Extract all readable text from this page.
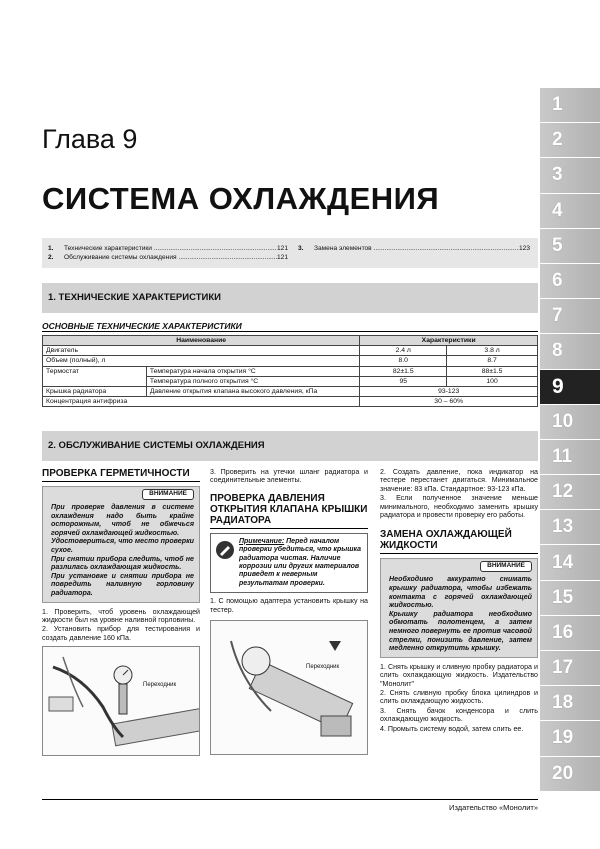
Глава 9
СИСТЕМА ОХЛАЖДЕНИЯ
1
2
3
4
5
6
7
8
9
10
11
12
13
14
15
16
17
18
19
20
1.	Технические характеристики .....	121
2.	Обслуживание системы охлаждения .....	121
3.	Замена элементов .....	123
1. ТЕХНИЧЕСКИЕ ХАРАКТЕРИСТИКИ
ОСНОВНЫЕ ТЕХНИЧЕСКИЕ ХАРАКТЕРИСТИКИ
Наименование		Характеристики	
Двигатель		2.4 л	3.8 л
Объем (полный), л		8.0	8.7
Термостат	Температура начала открытия °С	82±1.5	88±1.5
	Температура полного открытия °С	95	100
Крышка радиатора	Давление открытия клапана высокого давления, кПа	93-123	
Концентрация антифриза		30 – 60%	
2. ОБСЛУЖИВАНИЕ СИСТЕМЫ ОХЛАЖДЕНИЯ
ПРОВЕРКА ГЕРМЕТИЧНОСТИ
ВНИМАНИЕ

При проверке давления в системе охлаждения надо быть крайне осторожным, чтоб не обжечься горячей охлаждающей жидкостью.

Удостовериться, что место проверки сухое.

При снятии прибора следить, чтоб не разлилась охлаждающая жидкость.

При установке и снятии прибора не повредить наливную горловину радиатора.

1. Проверить, чтоб уровень охлаждающей жидкости был на уровне наливной горловины.

2. Установить прибор для тестирования и создать давление 160 кПа.

Переходник

3. Проверить на утечки шланг радиатора и соединительные элементы.

ПРОВЕРКА ДАВЛЕНИЯ ОТКРЫТИЯ КЛАПАНА КРЫШКИ РАДИАТОРА
Примечание: Перед началом проверки убедиться, что крышка радиатора чистая. Наличие коррозии или других материалов приведет к неверным результатам проверки.

1. С помощью адаптера установить крышку на тестер.

Переходник

2. Создать давление, пока индикатор на тестере перестанет двигаться. Минимальное значение: 83 кПа. Стандартное: 93-123 кПа.

3. Если полученное значение меньше минимального, необходимо заменить крышку радиатора и провести проверку его работы.

ЗАМЕНА ОХЛАЖДАЮЩЕЙ ЖИДКОСТИ
ВНИМАНИЕ

Необходимо аккуратно снимать крышку радиатора, чтобы избежать контакта с горячей охлаждающей жидкостью.

Крышку радиатора необходимо обмотать полотенцем, а затем немного повернуть ее против часовой стрелки, понизить давление, затем медленно открутить крышку.

1. Снять крышку и сливную пробку радиатора и слить охлаждающую жидкость. Издательство "Монолит"

2. Снять сливную пробку блока цилиндров и слить охлаждающую жидкость.

3. Снять бачок конденсора и слить охлаждающую жидкость.

4. Промыть систему водой, затем слить ее.

Издательство «Монолит»
